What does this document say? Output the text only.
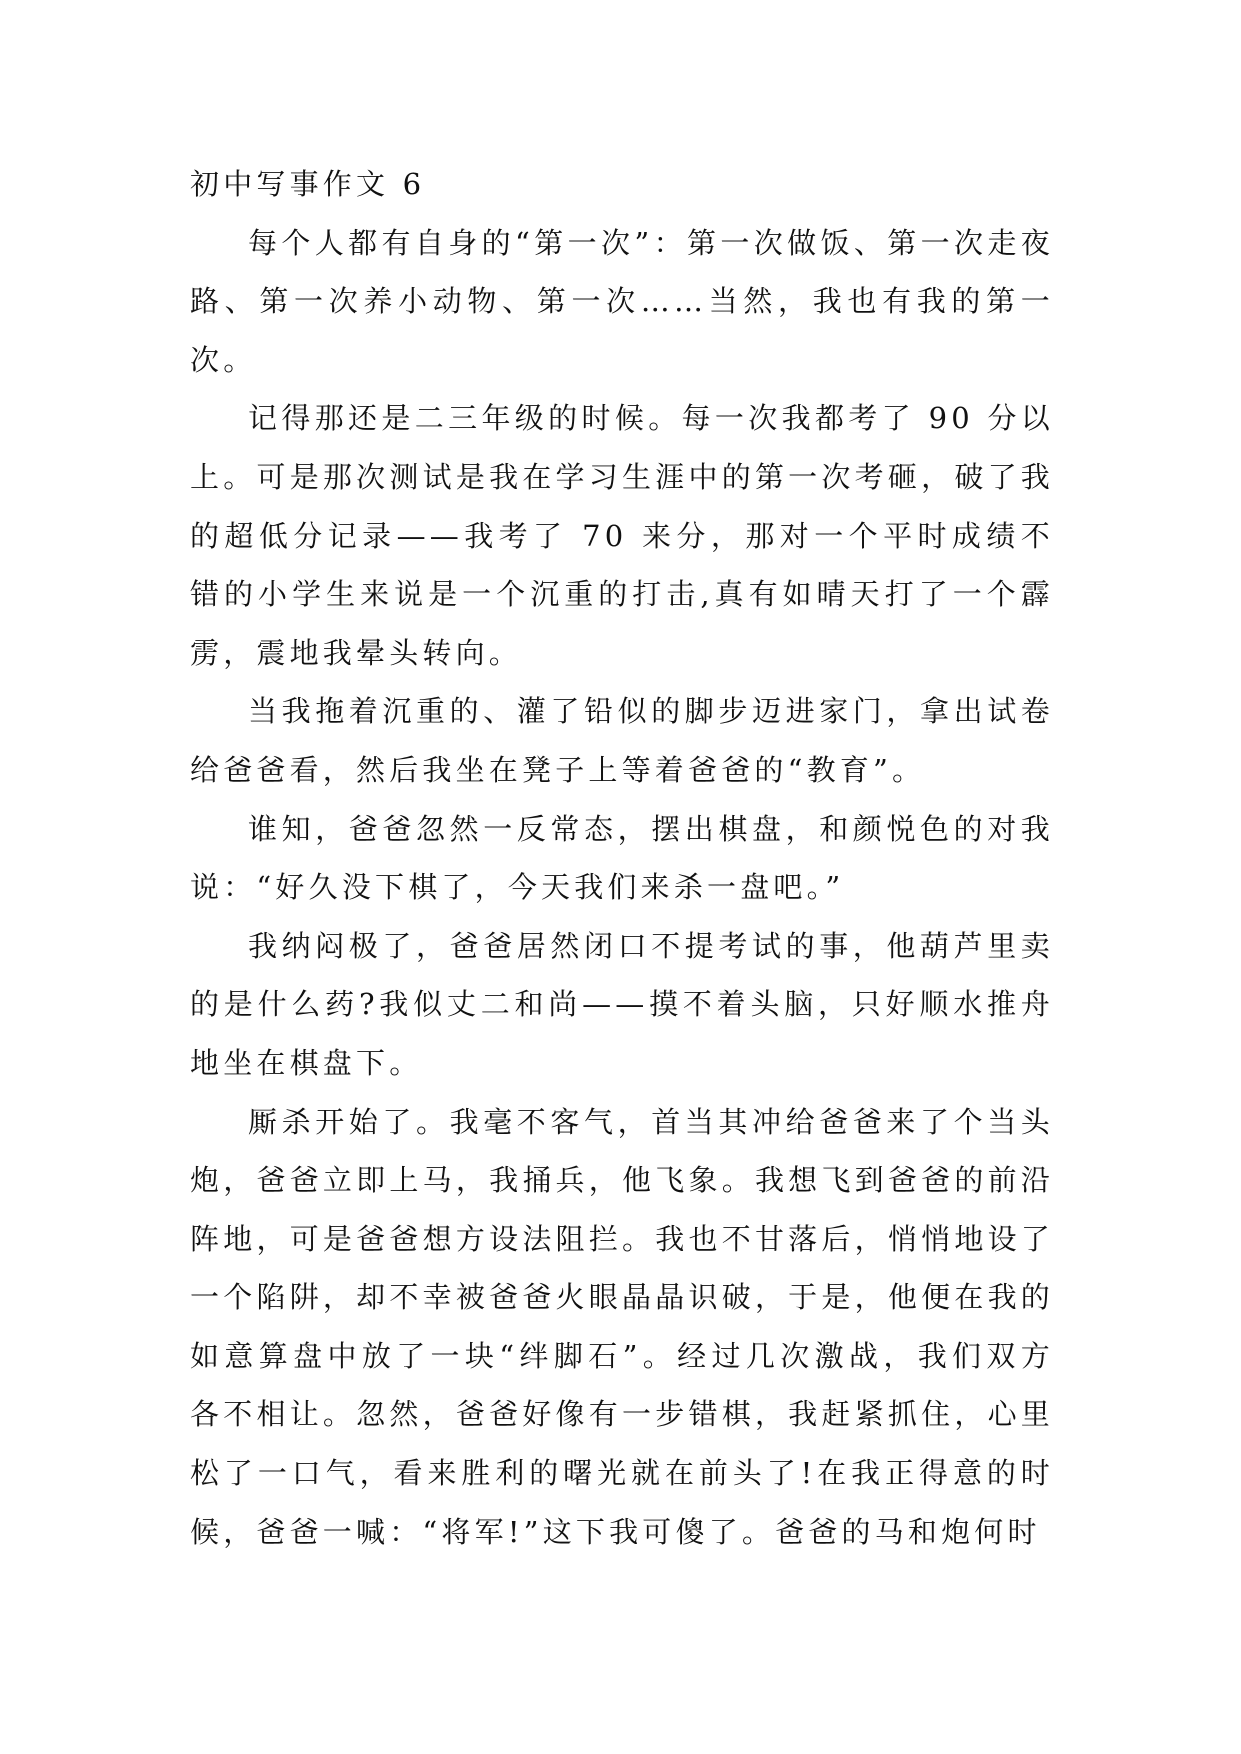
初中写事作文 6

每个人都有自身的“第一次”：第一次做饭、第一次走夜路、第一次养小动物、第一次……当然，我也有我的第一次。

记得那还是二三年级的时候。每一次我都考了 90 分以上。可是那次测试是我在学习生涯中的第一次考砸，破了我的超低分记录——我考了 70 来分，那对一个平时成绩不错的小学生来说是一个沉重的打击,真有如晴天打了一个霹雳，震地我晕头转向。

当我拖着沉重的、灌了铅似的脚步迈进家门，拿出试卷给爸爸看，然后我坐在凳子上等着爸爸的“教育”。

谁知，爸爸忽然一反常态，摆出棋盘，和颜悦色的对我说：“好久没下棋了，今天我们来杀一盘吧。”

我纳闷极了，爸爸居然闭口不提考试的事，他葫芦里卖的是什么药?我似丈二和尚——摸不着头脑，只好顺水推舟地坐在棋盘下。

厮杀开始了。我毫不客气，首当其冲给爸爸来了个当头炮，爸爸立即上马，我捅兵，他飞象。我想飞到爸爸的前沿阵地，可是爸爸想方设法阻拦。我也不甘落后，悄悄地设了一个陷阱，却不幸被爸爸火眼晶晶识破，于是，他便在我的如意算盘中放了一块“绊脚石”。经过几次激战，我们双方各不相让。忽然，爸爸好像有一步错棋，我赶紧抓住，心里松了一口气，看来胜利的曙光就在前头了!在我正得意的时候，爸爸一喊：“将军!”这下我可傻了。爸爸的马和炮何时
